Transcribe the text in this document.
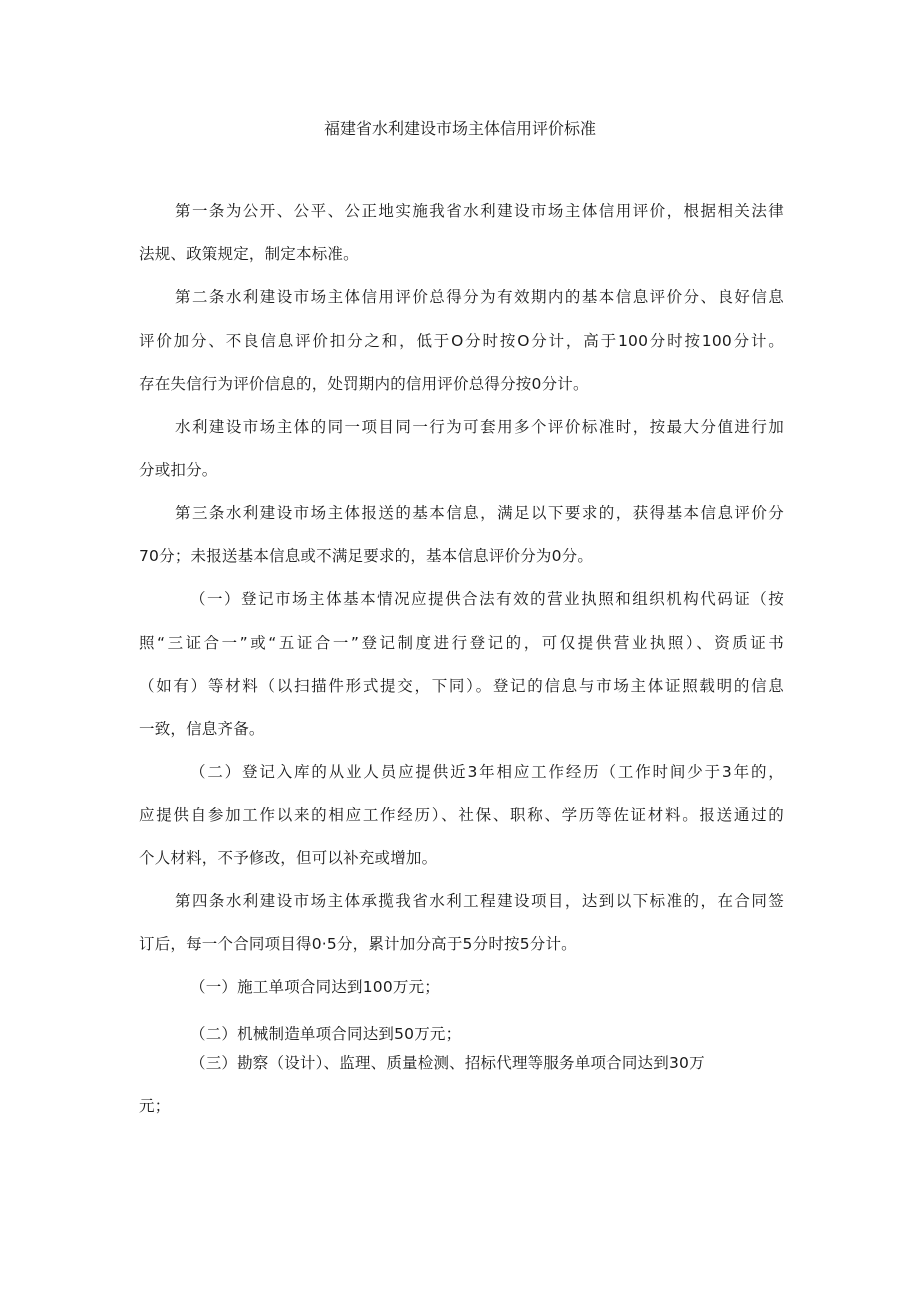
福建省水利建设市场主体信用评价标准

第一条为公开、公平、公正地实施我省水利建设市场主体信用评价，根据相关法律

法规、政策规定，制定本标准。

第二条水利建设市场主体信用评价总得分为有效期内的基本信息评价分、良好信息

评价加分、不良信息评价扣分之和，低于O分时按O分计，高于100分时按100分计。

存在失信行为评价信息的，处罚期内的信用评价总得分按0分计。

水利建设市场主体的同一项目同一行为可套用多个评价标准时，按最大分值进行加

分或扣分。

第三条水利建设市场主体报送的基本信息，满足以下要求的，获得基本信息评价分

70分；未报送基本信息或不满足要求的，基本信息评价分为0分。

（一）登记市场主体基本情况应提供合法有效的营业执照和组织机构代码证（按

照“三证合一”或“五证合一”登记制度进行登记的，可仅提供营业执照）、资质证书

（如有）等材料（以扫描件形式提交，下同）。登记的信息与市场主体证照载明的信息

一致，信息齐备。

（二）登记入库的从业人员应提供近3年相应工作经历（工作时间少于3年的，

应提供自参加工作以来的相应工作经历）、社保、职称、学历等佐证材料。报送通过的

个人材料，不予修改，但可以补充或增加。

第四条水利建设市场主体承揽我省水利工程建设项目，达到以下标准的，在合同签

订后，每一个合同项目得0·5分，累计加分高于5分时按5分计。

（一）施工单项合同达到100万元；

（二）机械制造单项合同达到50万元；

（三）勘察（设计）、监理、质量检测、招标代理等服务单项合同达到30万

元；
